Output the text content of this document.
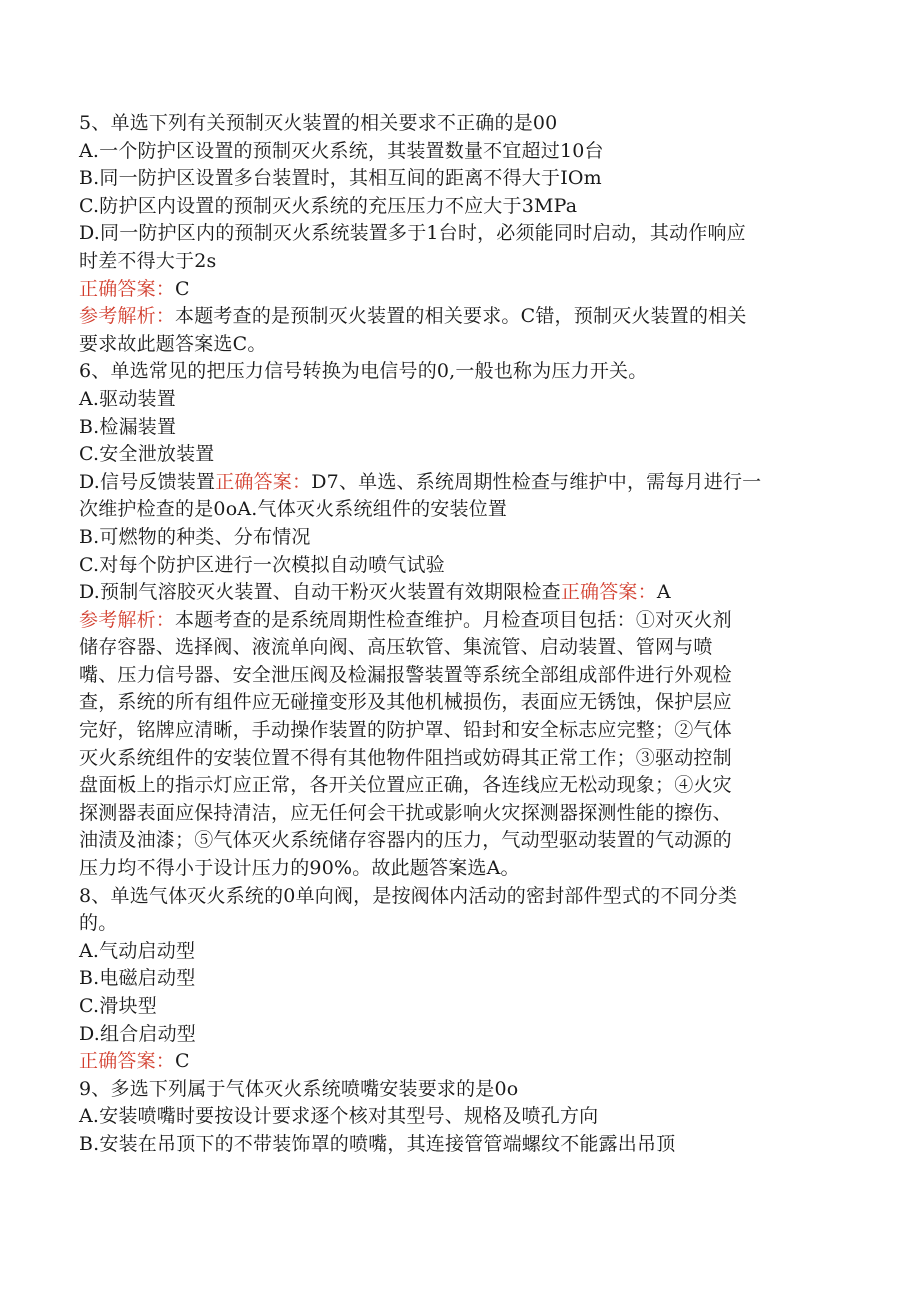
5、单选下列有关预制灭火装置的相关要求不正确的是00
A.一个防护区设置的预制灭火系统，其装置数量不宜超过10台
B.同一防护区设置多台装置时，其相互间的距离不得大于IOm
C.防护区内设置的预制灭火系统的充压压力不应大于3MPa
D.同一防护区内的预制灭火系统装置多于1台时，必须能同时启动，其动作响应
时差不得大于2s
正确答案：C
参考解析：本题考查的是预制灭火装置的相关要求。C错，预制灭火装置的相关
要求故此题答案选C。
6、单选常见的把压力信号转换为电信号的0,一般也称为压力开关。
A.驱动装置
B.检漏装置
C.安全泄放装置
D.信号反馈装置正确答案：D7、单选、系统周期性检查与维护中，需每月进行一
次维护检查的是0oA.气体灭火系统组件的安装位置
B.可燃物的种类、分布情况
C.对每个防护区进行一次模拟自动喷气试验
D.预制气溶胶灭火装置、自动干粉灭火装置有效期限检查正确答案：A
参考解析：本题考查的是系统周期性检查维护。月检查项目包括：①对灭火剂
储存容器、选择阀、液流单向阀、高压软管、集流管、启动装置、管网与喷
嘴、压力信号器、安全泄压阀及检漏报警装置等系统全部组成部件进行外观检
查，系统的所有组件应无碰撞变形及其他机械损伤，表面应无锈蚀，保护层应
完好，铭牌应清晰，手动操作装置的防护罩、铅封和安全标志应完整；②气体
灭火系统组件的安装位置不得有其他物件阻挡或妨碍其正常工作；③驱动控制
盘面板上的指示灯应正常，各开关位置应正确，各连线应无松动现象；④火灾
探测器表面应保持清洁，应无任何会干扰或影响火灾探测器探测性能的擦伤、
油渍及油漆；⑤气体灭火系统储存容器内的压力，气动型驱动装置的气动源的
压力均不得小于设计压力的90%。故此题答案选A。
8、单选气体灭火系统的0单向阀，是按阀体内活动的密封部件型式的不同分类
的。
A.气动启动型
B.电磁启动型
C.滑块型
D.组合启动型
正确答案：C
9、多选下列属于气体灭火系统喷嘴安装要求的是0o
A.安装喷嘴时要按设计要求逐个核对其型号、规格及喷孔方向
B.安装在吊顶下的不带装饰罩的喷嘴，其连接管管端螺纹不能露出吊顶
